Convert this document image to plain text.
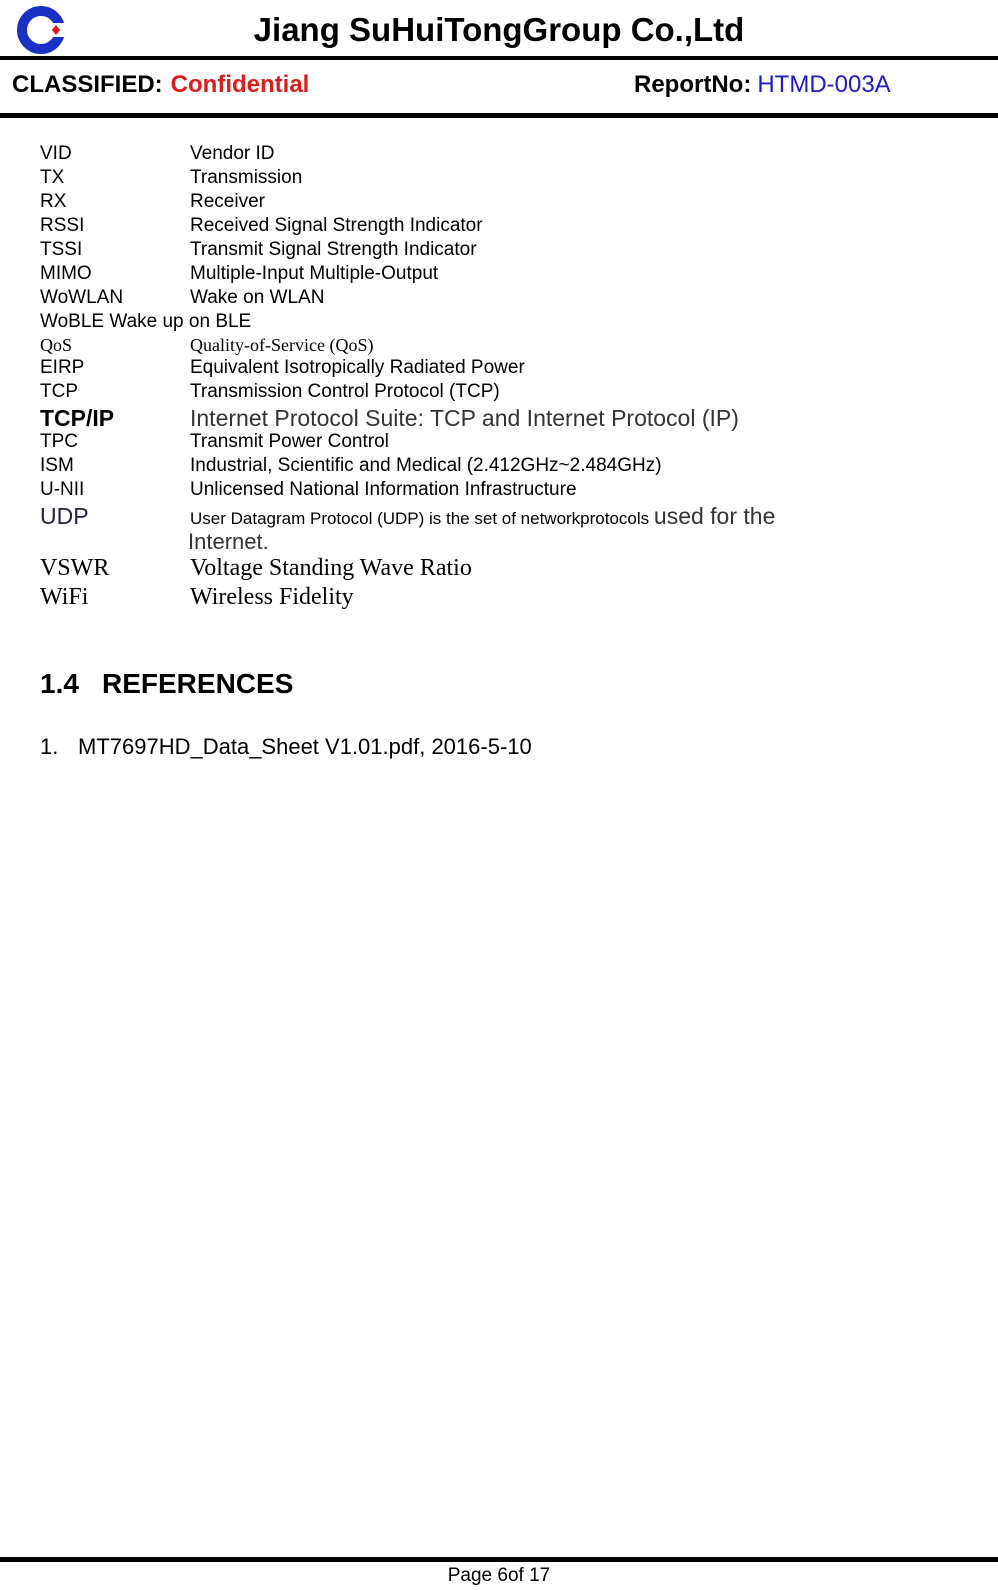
Jiang SuHuiTongGroup Co.,Ltd
CLASSIFIED: Confidential	ReportNo: HTMD-003A
VID	Vendor ID
TX	Transmission
RX	Receiver
RSSI	Received Signal Strength Indicator
TSSI	Transmit Signal Strength Indicator
MIMO	Multiple-Input Multiple-Output
WoWLAN	Wake on WLAN
WoBLE Wake up on BLE
QoS	Quality-of-Service (QoS)
EIRP	Equivalent Isotropically Radiated Power
TCP	Transmission Control Protocol (TCP)
TCP/IP	Internet Protocol Suite: TCP and Internet Protocol (IP)
TPC	Transmit Power Control
ISM	Industrial, Scientific and Medical (2.412GHz~2.484GHz)
U-NII	Unlicensed National Information Infrastructure
UDP	User Datagram Protocol (UDP) is the set of networkprotocols used for the
Internet.
VSWR	Voltage Standing Wave Ratio
WiFi	Wireless Fidelity
1.4 REFERENCES
1. MT7697HD_Data_Sheet V1.01.pdf, 2016-5-10
Page 6of 17
